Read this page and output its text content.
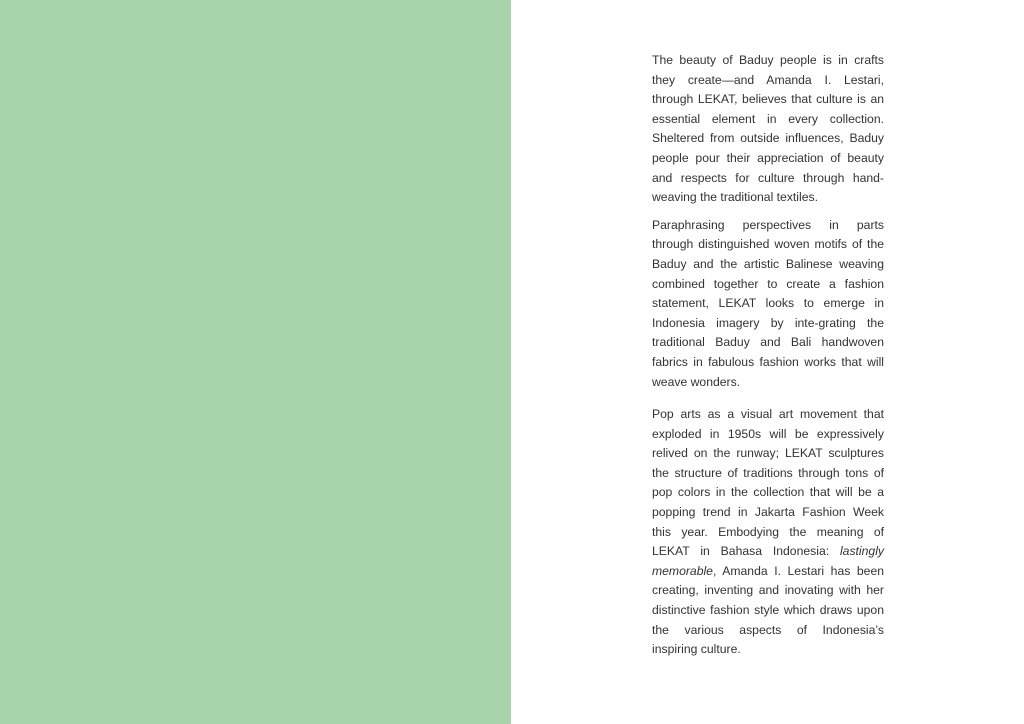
The beauty of Baduy people is in crafts they create—and Amanda I. Lestari, through LEKAT, believes that culture is an essential element in every collection. Sheltered from outside influences, Baduy people pour their appreciation of beauty and respects for culture through hand-weaving the traditional textiles.

Paraphrasing perspectives in parts through distinguished woven motifs of the Baduy and the artistic Balinese weaving combined together to create a fashion statement, LEKAT looks to emerge in Indonesia imagery by inte-grating the traditional Baduy and Bali handwoven fabrics in fabulous fashion works that will weave wonders.

Pop arts as a visual art movement that exploded in 1950s will be expressively relived on the runway; LEKAT sculptures the structure of traditions through tons of pop colors in the collection that will be a popping trend in Jakarta Fashion Week this year. Embodying the meaning of LEKAT in Bahasa Indonesia: lastingly memorable, Amanda I. Lestari has been creating, inventing and inovating with her distinctive fashion style which draws upon the various aspects of Indonesia’s inspiring culture.
